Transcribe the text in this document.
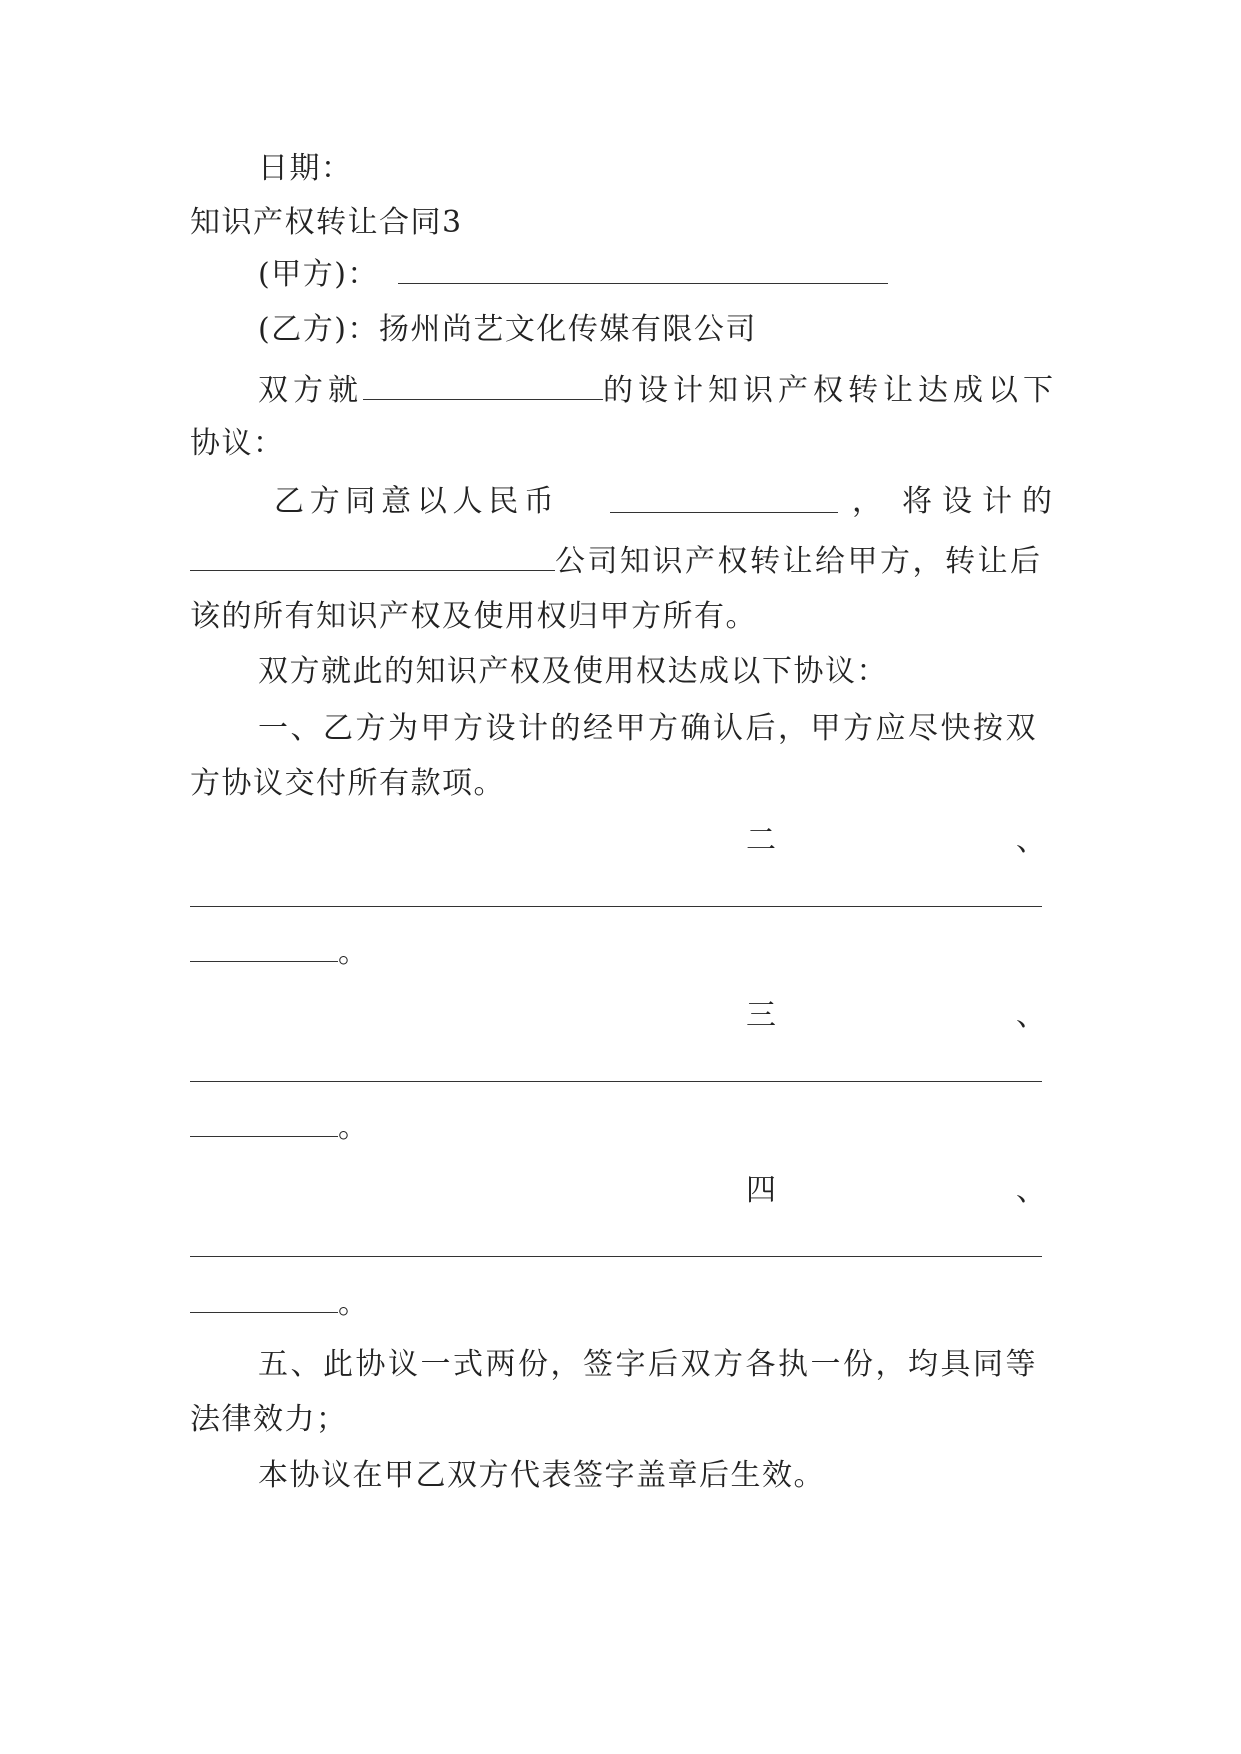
日期：
知识产权转让合同3
(甲方)：
(乙方)：扬州尚艺文化传媒有限公司
双方就	的设计知识产权转让达成以下
协议：
乙 方 同 意 以 人 民 币	， 将 设 计 的
公司知识产权转让给甲方，转让后
该的所有知识产权及使用权归甲方所有。
双方就此的知识产权及使用权达成以下协议：
一、乙方为甲方设计的经甲方确认后，甲方应尽快按双
方协议交付所有款项。
二	、
。
三	、
。
四	、
。
五、此协议一式两份，签字后双方各执一份，均具同等
法律效力；
本协议在甲乙双方代表签字盖章后生效。
